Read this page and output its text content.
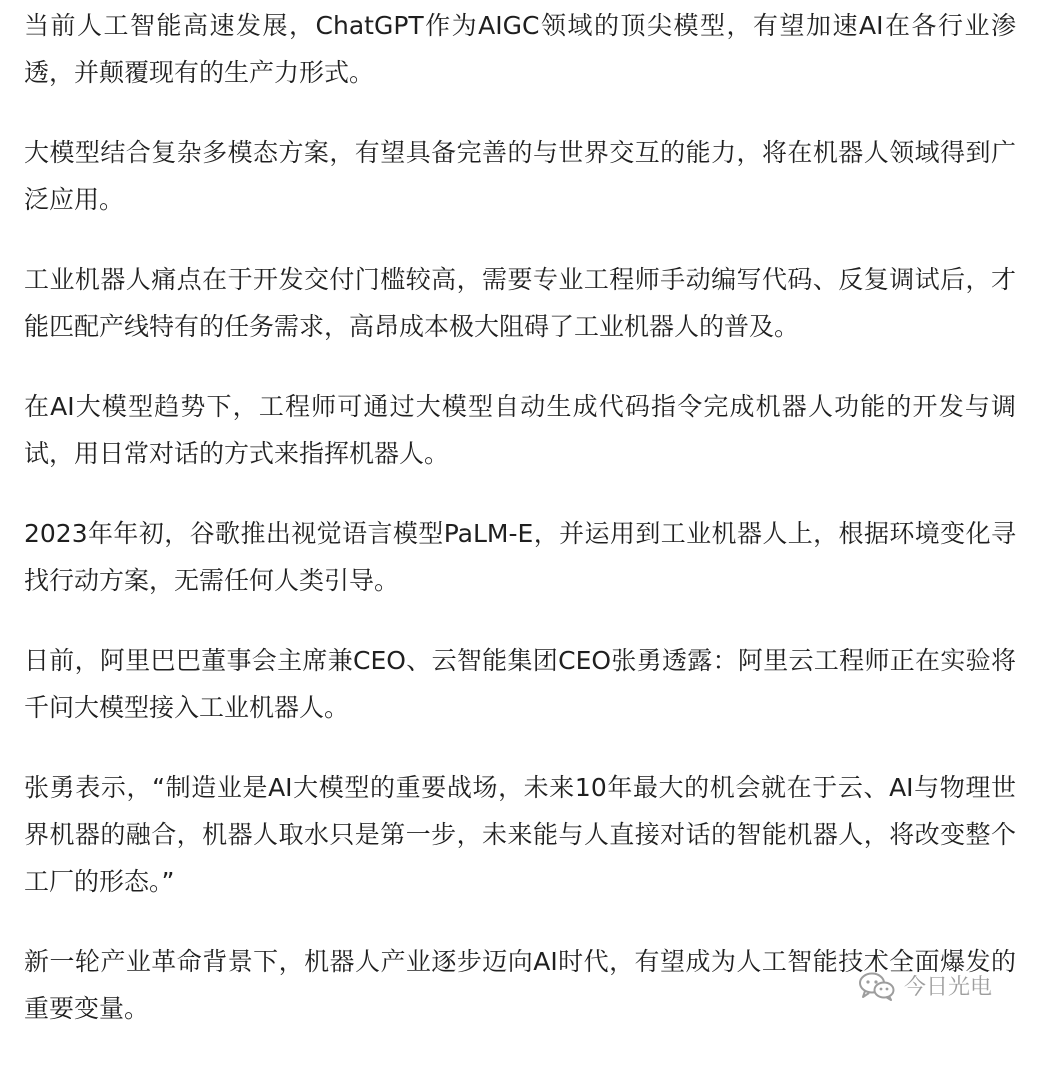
当前人工智能高速发展，ChatGPT作为AIGC领域的顶尖模型，有望加速AI在各行业渗透，并颠覆现有的生产力形式。

大模型结合复杂多模态方案，有望具备完善的与世界交互的能力，将在机器人领域得到广泛应用。

工业机器人痛点在于开发交付门槛较高，需要专业工程师手动编写代码、反复调试后，才能匹配产线特有的任务需求，高昂成本极大阻碍了工业机器人的普及。

在AI大模型趋势下，工程师可通过大模型自动生成代码指令完成机器人功能的开发与调试，用日常对话的方式来指挥机器人。

2023年年初，谷歌推出视觉语言模型PaLM-E，并运用到工业机器人上，根据环境变化寻找行动方案，无需任何人类引导。

日前，阿里巴巴董事会主席兼CEO、云智能集团CEO张勇透露：阿里云工程师正在实验将千问大模型接入工业机器人。

张勇表示，“制造业是AI大模型的重要战场，未来10年最大的机会就在于云、AI与物理世界机器的融合，机器人取水只是第一步，未来能与人直接对话的智能机器人，将改变整个工厂的形态。”

新一轮产业革命背景下，机器人产业逐步迈向AI时代，有望成为人工智能技术全面爆发的重要变量。

今日光电
